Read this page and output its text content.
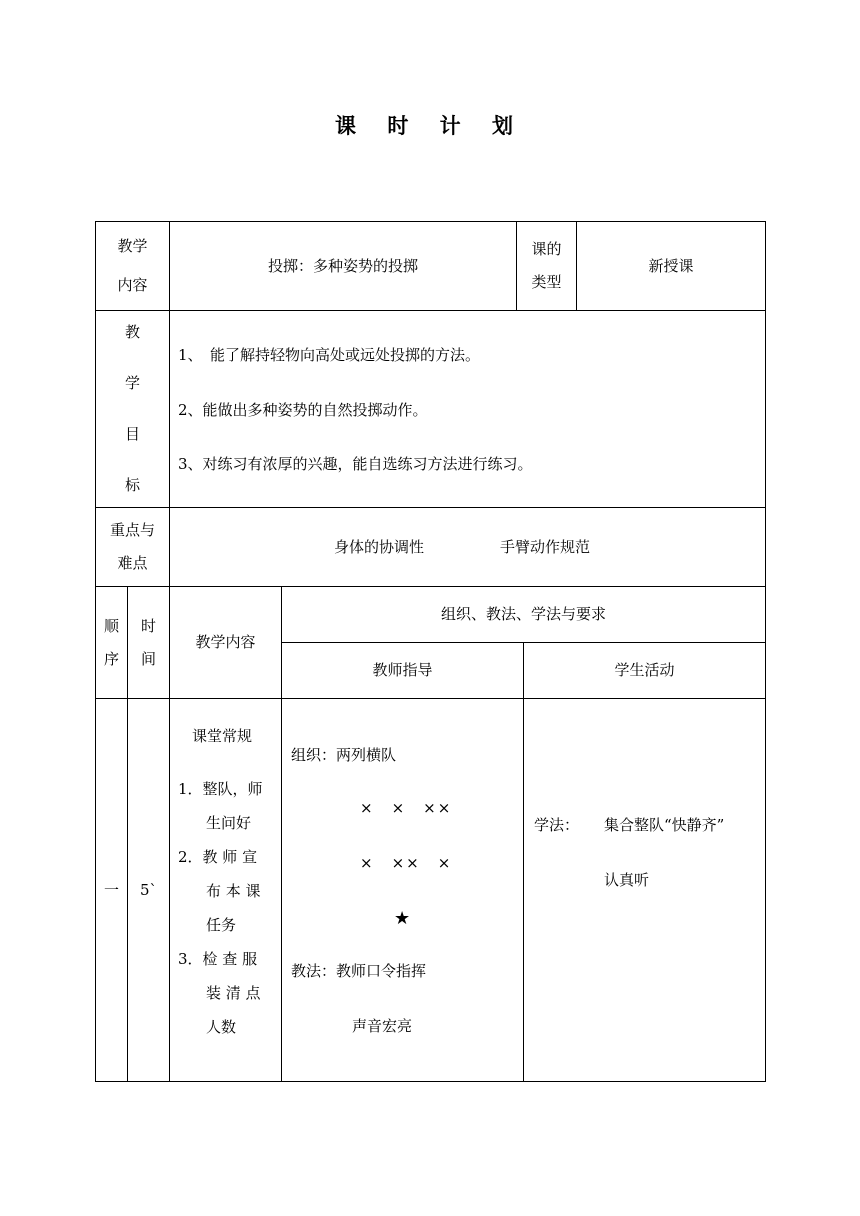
课 时 计 划
教学
内容
投掷：多种姿势的投掷
课的
类型
新授课
教
学
目
标
1、　能了解持轻物向高处或远处投掷的方法。
2、能做出多种姿势的自然投掷动作。
3、对练习有浓厚的兴趣，能自选练习方法进行练习。
重点与
难点
身体的协调性	手臂动作规范
顺
序
时
间
教学内容
组织、教法、学法与要求
教师指导	学生活动
一 5`
课堂常规
1．整队，师
生问好
2．教 师 宣
布 本 课
任务
3．检 查 服
装 清 点
人数
组织：两列横队
×　×　××
×　××　×
★
教法：教师口令指挥
声音宏亮
学法： 集合整队“快静齐”
认真听
